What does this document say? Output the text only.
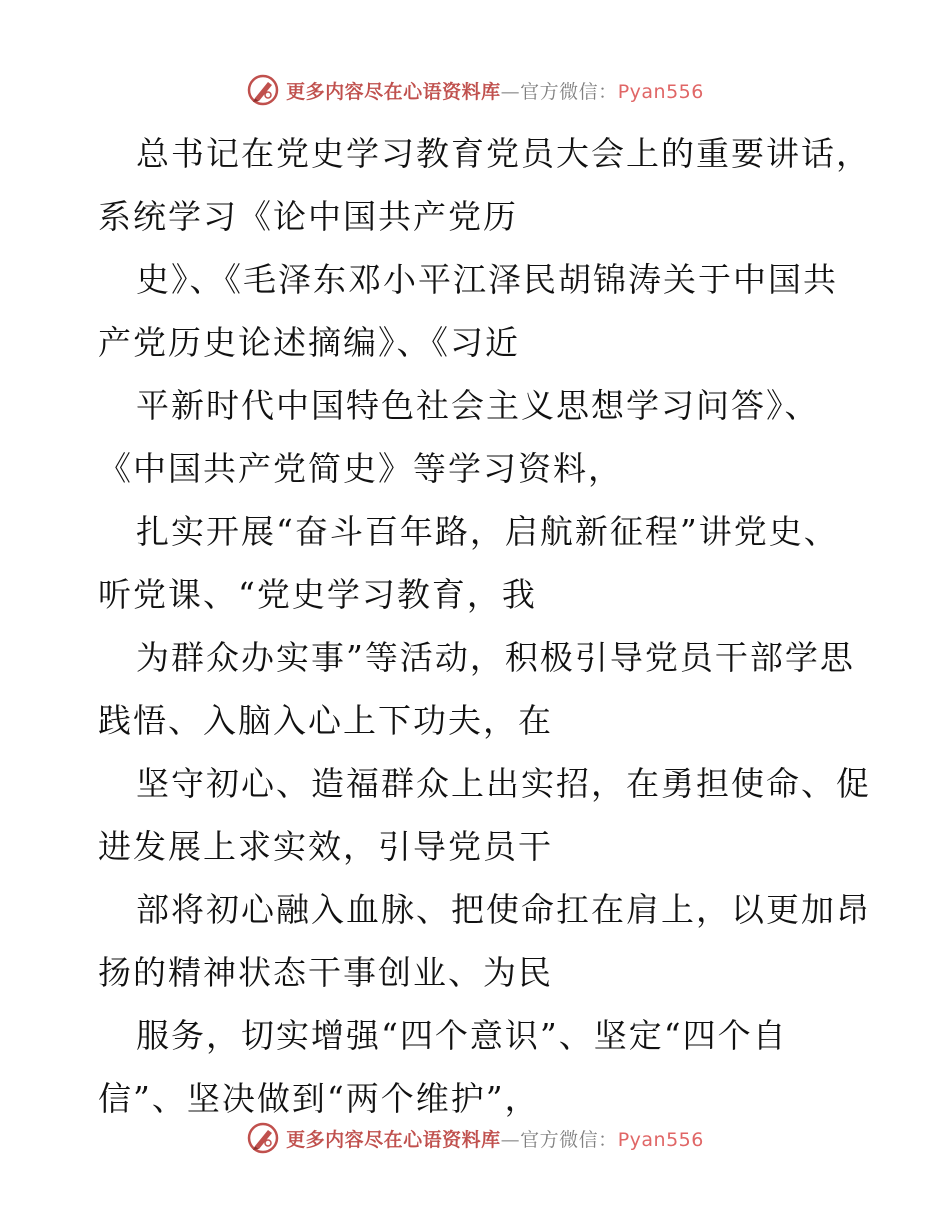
更多内容尽在心语资料库—官方微信：Pyan556
总书记在党史学习教育党员大会上的重要讲话，
系统学习《论中国共产党历
史》、《毛泽东邓小平江泽民胡锦涛关于中国共
产党历史论述摘编》、《习近
平新时代中国特色社会主义思想学习问答》、
《中国共产党简史》等学习资料，
扎实开展“奋斗百年路，启航新征程”讲党史、
听党课、“党史学习教育，我
为群众办实事”等活动，积极引导党员干部学思
践悟、入脑入心上下功夫，在
坚守初心、造福群众上出实招，在勇担使命、促
进发展上求实效，引导党员干
部将初心融入血脉、把使命扛在肩上，以更加昂
扬的精神状态干事创业、为民
服务，切实增强“四个意识”、坚定“四个自
信”、坚决做到“两个维护”，
更多内容尽在心语资料库—官方微信：Pyan556
